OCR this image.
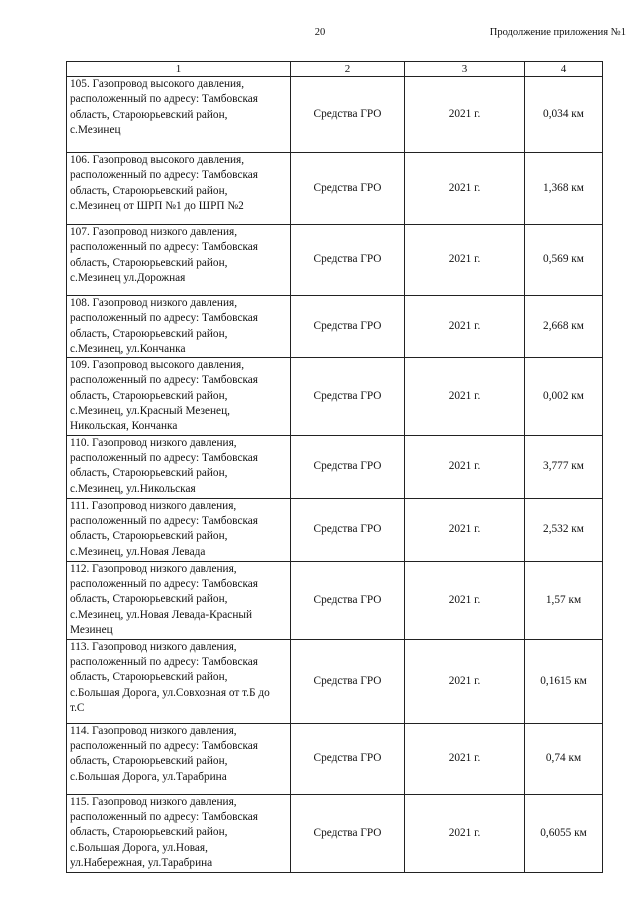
20	Продолжение приложения №1
1	2	3	4

105. Газопровод высокого давления,
расположенный по адресу: Тамбовская
область, Староюрьевский район,
с.Мезинец	Средства ГРО	2021 г.	0,034 км

106. Газопровод высокого давления,
расположенный по адресу: Тамбовская
область, Староюрьевский район,
с.Мезинец от ШРП №1 до ШРП №2	Средства ГРО	2021 г.	1,368 км

107. Газопровод низкого давления,
расположенный по адресу: Тамбовская
область, Староюрьевский район,
с.Мезинец ул.Дорожная	Средства ГРО	2021 г.	0,569 км

108. Газопровод низкого давления,
расположенный по адресу: Тамбовская
область, Староюрьевский район,
с.Мезинец, ул.Кончанка	Средства ГРО	2021 г.	2,668 км

109. Газопровод высокого давления,
расположенный по адресу: Тамбовская
область, Староюрьевский район,
с.Мезинец, ул.Красный Мезенец,
Никольская, Кончанка	Средства ГРО	2021 г.	0,002 км

110. Газопровод низкого давления,
расположенный по адресу: Тамбовская
область, Староюрьевский район,
с.Мезинец, ул.Никольская	Средства ГРО	2021 г.	3,777 км

111. Газопровод низкого давления,
расположенный по адресу: Тамбовская
область, Староюрьевский район,
с.Мезинец, ул.Новая Левада	Средства ГРО	2021 г.	2,532 км

112. Газопровод низкого давления,
расположенный по адресу: Тамбовская
область, Староюрьевский район,
с.Мезинец, ул.Новая Левада-Красный
Мезинец	Средства ГРО	2021 г.	1,57 км

113. Газопровод низкого давления,
расположенный по адресу: Тамбовская
область, Староюрьевский район,
с.Большая Дорога, ул.Совхозная от т.Б до
т.С	Средства ГРО	2021 г.	0,1615 км

114. Газопровод низкого давления,
расположенный по адресу: Тамбовская
область, Староюрьевский район,
с.Большая Дорога, ул.Тарабрина	Средства ГРО	2021 г.	0,74 км

115. Газопровод низкого давления,
расположенный по адресу: Тамбовская
область, Староюрьевский район,
с.Большая Дорога, ул.Новая,
ул.Набережная, ул.Тарабрина	Средства ГРО	2021 г.	0,6055 км
